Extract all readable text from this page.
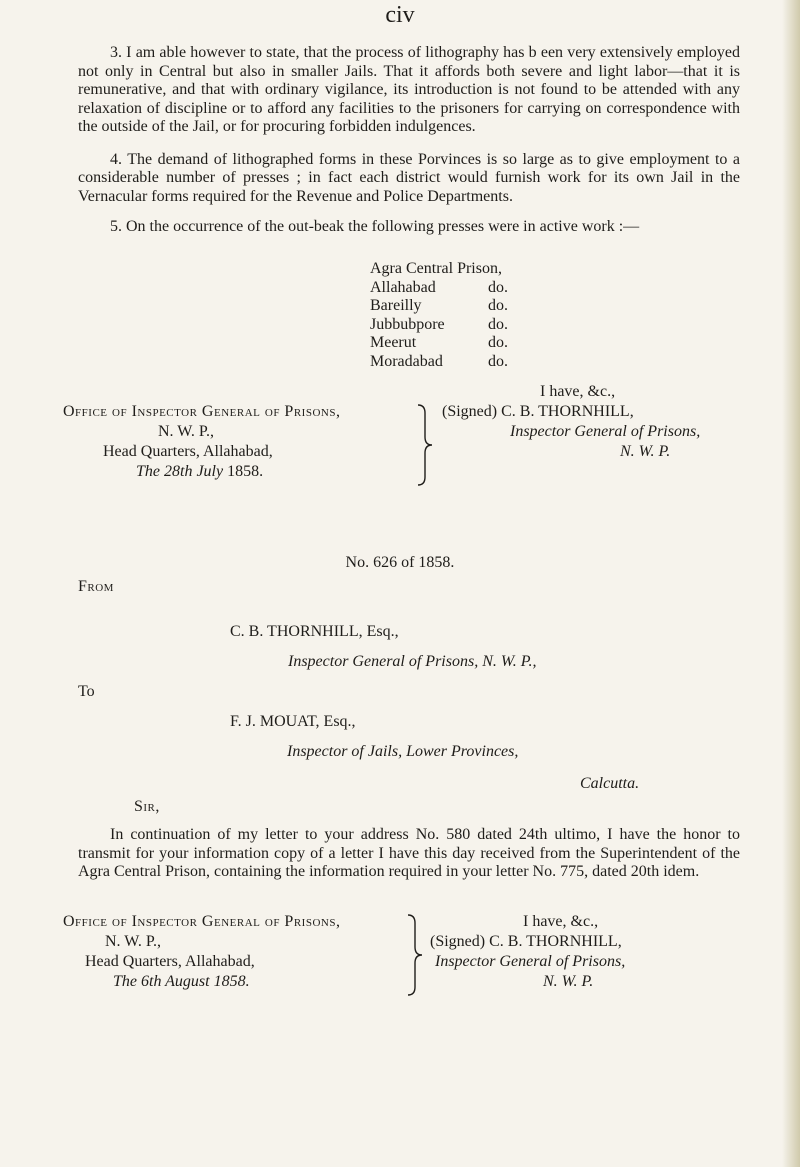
civ

3. I am able however to state, that the process of lithography has b een very extensively employed not only in Central but also in smaller Jails. That it affords both severe and light labor—that it is remunerative, and that with ordinary vigilance, its introduction is not found to be attended with any relaxation of discipline or to afford any facilities to the prisoners for carrying on correspondence with the outside of the Jail, or for procuring forbidden indulgences.

4. The demand of lithographed forms in these Porvinces is so large as to give employment to a considerable number of presses ; in fact each district would furnish work for its own Jail in the Vernacular forms required for the Revenue and Police Departments.

5. On the occurrence of the out-beak the following presses were in active work :—

Agra Central Prison,
Allahabad	do.
Bareilly	do.
Jubbubpore	do.
Meerut	do.
Moradabad	do.
Office of Inspector General of Prisons,
N. W. P.,
Head Quarters, Allahabad,
The 28th July 1858.
I have, &c.,
(Signed) C. B. THORNHILL,
Inspector General of Prisons,
N. W. P.
No. 626 of 1858.
From
C. B. THORNHILL, Esq.,
Inspector General of Prisons, N. W. P.,
To
F. J. MOUAT, Esq.,
Inspector of Jails, Lower Provinces,
Calcutta.
Sir,

In continuation of my letter to your address No. 580 dated 24th ultimo, I have the honor to transmit for your information copy of a letter I have this day received from the Superintendent of the Agra Central Prison, containing the information required in your letter No. 775, dated 20th idem.

Office of Inspector General of Prisons,
N. W. P.,
Head Quarters, Allahabad,
The 6th August 1858.
I have, &c.,
(Signed) C. B. THORNHILL,
Inspector General of Prisons,
N. W. P.
